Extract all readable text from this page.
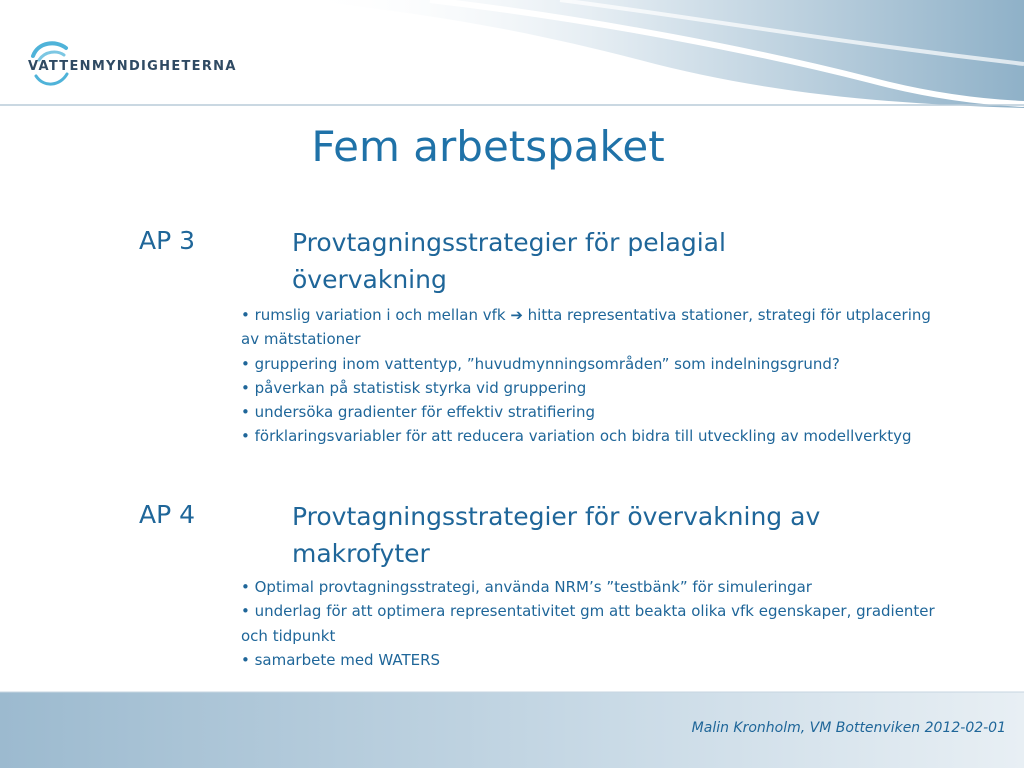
VATTENMYNDIGHETERNA
Fem arbetspaket
AP 3	Provtagningsstrategier för pelagial
övervakning
• rumslig variation i och mellan vfk ➔ hitta representativa stationer, strategi för utplacering av mätstationer
• gruppering inom vattentyp, ”huvudmynningsområden” som indelningsgrund?
• påverkan på statistisk styrka vid gruppering
• undersöka gradienter för effektiv stratifiering
• förklaringsvariabler för att reducera variation och bidra till utveckling av modellverktyg
AP 4	Provtagningsstrategier för övervakning av
makrofyter
• Optimal provtagningsstrategi, använda NRM’s ”testbänk” för simuleringar
• underlag för att optimera representativitet gm att beakta olika vfk egenskaper, gradienter och tidpunkt
• samarbete med WATERS
Malin Kronholm, VM Bottenviken 2012-02-01
